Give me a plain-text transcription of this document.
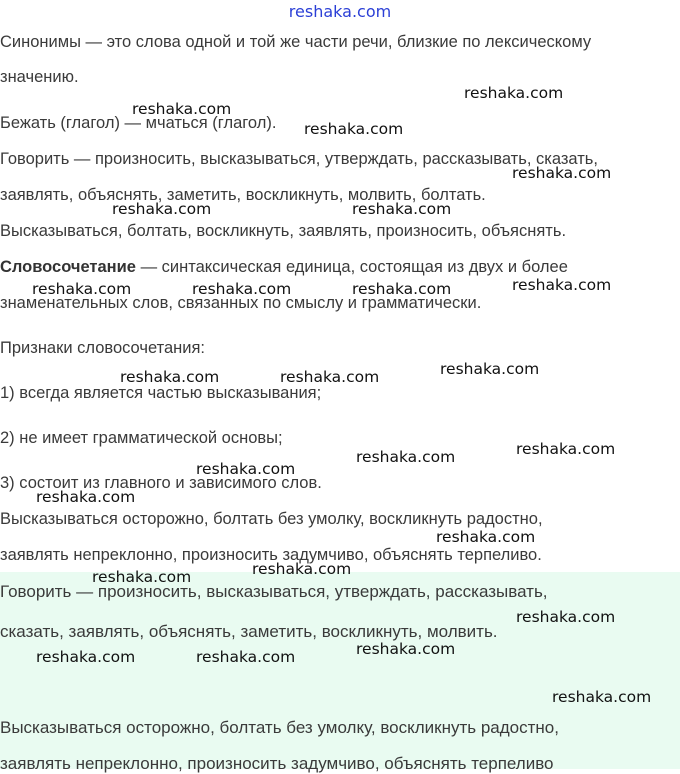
reshaka.com

Синонимы — это слова одной и той же части речи, близкие по лексическому

значению.

Бежать (глагол) — мчаться (глагол).

Говорить — произносить, высказываться, утверждать, рассказывать, сказать,

заявлять, объяснять, заметить, воскликнуть, молвить, болтать.

Высказываться, болтать, воскликнуть, заявлять, произносить, объяснять.

Словосочетание — синтаксическая единица, состоящая из двух и более

знаменательных слов, связанных по смыслу и грамматически.

Признаки словосочетания:

1) всегда является частью высказывания;

2) не имеет грамматической основы;

3) состоит из главного и зависимого слов.

Высказываться осторожно, болтать без умолку, воскликнуть радостно,

заявлять непреклонно, произносить задумчиво, объяснять терпеливо.

Говорить — произносить, высказываться, утверждать, рассказывать,

сказать, заявлять, объяснять, заметить, воскликнуть, молвить.

Высказываться осторожно, болтать без умолку, воскликнуть радостно,

заявлять непреклонно, произносить задумчиво, объяснять терпеливо

reshaka.com
reshaka.com
reshaka.com
reshaka.com
reshaka.com	reshaka.com
reshaka.com
reshaka.com	reshaka.com	reshaka.com
reshaka.com
reshaka.com	reshaka.com
reshaka.com
reshaka.com
reshaka.com
reshaka.com
reshaka.com
reshaka.com
reshaka.com
reshaka.com
reshaka.com
reshaka.com	reshaka.com
reshaka.com
